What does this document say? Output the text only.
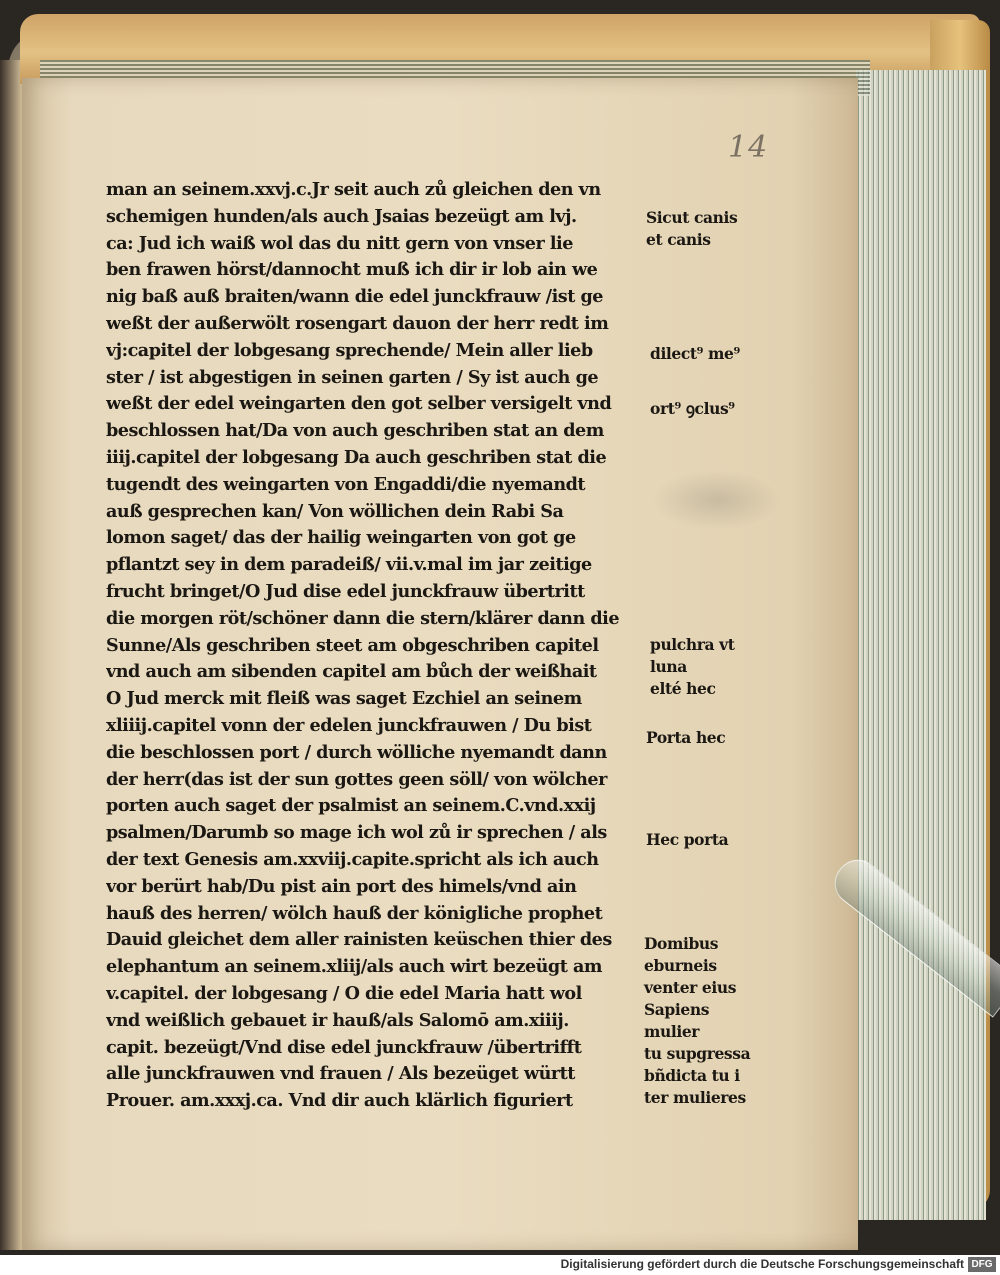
14
man an seinem.xxvj.c.Jr seit auch zů gleichen den vn
schemigen hunden/als auch Jsaias bezeügt am lvj.
ca: Jud ich waiß wol das du nitt gern von vnser lie
ben frawen hörst/dannocht muß ich dir ir lob ain we
nig baß auß braiten/wann die edel junckfrauw /ist ge
weßt der außerwölt rosengart dauon der herr redt im
vj:capitel der lobgesang sprechende/ Mein aller lieb
ster / ist abgestigen in seinen garten / Sy ist auch ge
weßt der edel weingarten den got selber versigelt vnd
beschlossen hat/Da von auch geschriben stat an dem
iiij.capitel der lobgesang Da auch geschriben stat die
tugendt des weingarten von Engaddi/die nyemandt
auß gesprechen kan/ Von wöllichen dein Rabi Sa
lomon saget/ das der hailig weingarten von got ge
pflantzt sey in dem paradeiß/ vii.v.mal im jar zeitige
frucht bringet/O Jud dise edel junckfrauw übertritt
die morgen röt/schöner dann die stern/klärer dann die
Sunne/Als geschriben steet am obgeschriben capitel
vnd auch am sibenden capitel am bůch der weißhait
O Jud merck mit fleiß was saget Ezchiel an seinem
xliiij.capitel vonn der edelen junckfrauwen / Du bist
die beschlossen port / durch wölliche nyemandt dann
der herr(das ist der sun gottes geen söll/ von wölcher
porten auch saget der psalmist an seinem.C.vnd.xxij
psalmen/Darumb so mage ich wol zů ir sprechen / als
der text Genesis am.xxviij.capite.spricht als ich auch
vor berürt hab/Du pist ain port des himels/vnd ain
hauß des herren/ wölch hauß der königliche prophet
Dauid gleichet dem aller rainisten keüschen thier des
elephantum an seinem.xliij/als auch wirt bezeügt am
v.capitel. der lobgesang / O die edel Maria hatt wol
vnd weißlich gebauet ir hauß/als Salomō am.xiiij.
capit. bezeügt/Vnd dise edel junckfrauw /übertrifft
alle junckfrauwen vnd frauen / Als bezeüget württ
Prouer. am.xxxj.ca. Vnd dir auch klärlich figuriert
Sicut canis
et canis
dilect⁹ me⁹
ort⁹ ꝯclus⁹
pulchra vt
luna
elté hec
Porta hec
Hec porta
Domibus
eburneis
venter eius
Sapiens
mulier
tu supgressa
bñdicta tu i
ter mulieres
Digitalisierung gefördert durch die Deutsche Forschungsgemeinschaft DFG
